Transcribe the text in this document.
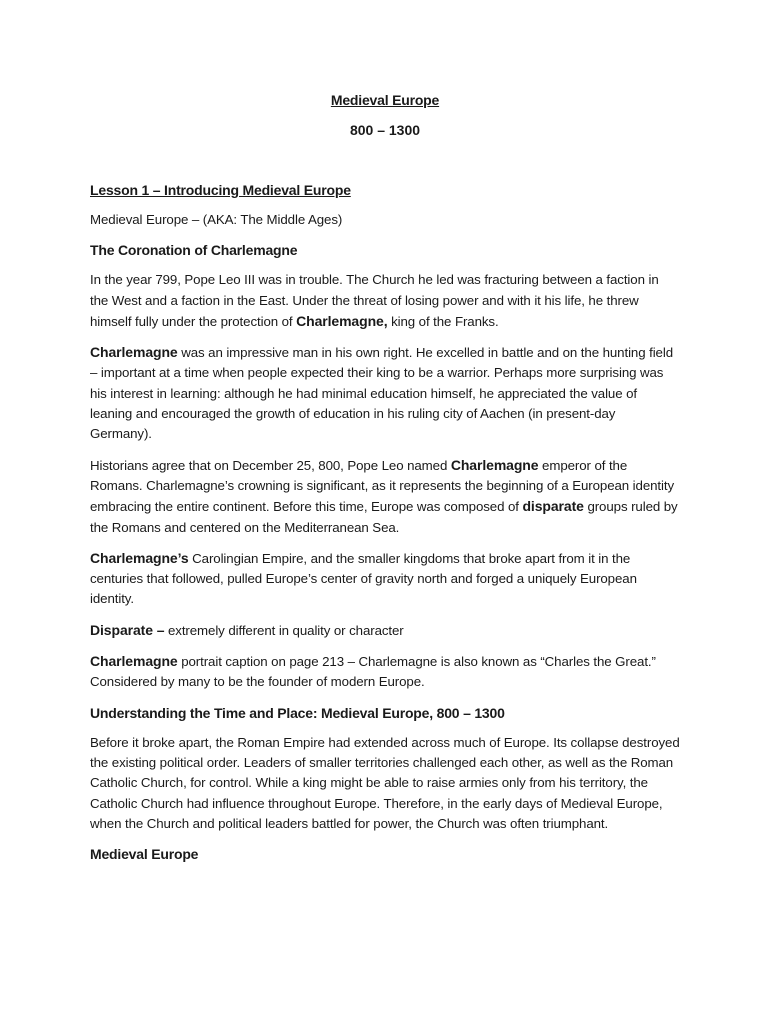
Medieval Europe
800 – 1300
Lesson 1 – Introducing Medieval Europe

Medieval Europe – (AKA: The Middle Ages)

The Coronation of Charlemagne

In the year 799, Pope Leo III was in trouble. The Church he led was fracturing between a faction in the West and a faction in the East. Under the threat of losing power and with it his life, he threw himself fully under the protection of Charlemagne, king of the Franks.

Charlemagne was an impressive man in his own right. He excelled in battle and on the hunting field – important at a time when people expected their king to be a warrior. Perhaps more surprising was his interest in learning: although he had minimal education himself, he appreciated the value of leaning and encouraged the growth of education in his ruling city of Aachen (in present-day Germany).

Historians agree that on December 25, 800, Pope Leo named Charlemagne emperor of the Romans. Charlemagne’s crowning is significant, as it represents the beginning of a European identity embracing the entire continent. Before this time, Europe was composed of disparate groups ruled by the Romans and centered on the Mediterranean Sea.

Charlemagne’s Carolingian Empire, and the smaller kingdoms that broke apart from it in the centuries that followed, pulled Europe’s center of gravity north and forged a uniquely European identity.

Disparate – extremely different in quality or character

Charlemagne portrait caption on page 213 – Charlemagne is also known as “Charles the Great.” Considered by many to be the founder of modern Europe.

Understanding the Time and Place: Medieval Europe, 800 – 1300

Before it broke apart, the Roman Empire had extended across much of Europe. Its collapse destroyed the existing political order. Leaders of smaller territories challenged each other, as well as the Roman Catholic Church, for control. While a king might be able to raise armies only from his territory, the Catholic Church had influence throughout Europe. Therefore, in the early days of Medieval Europe, when the Church and political leaders battled for power, the Church was often triumphant.

Medieval Europe
